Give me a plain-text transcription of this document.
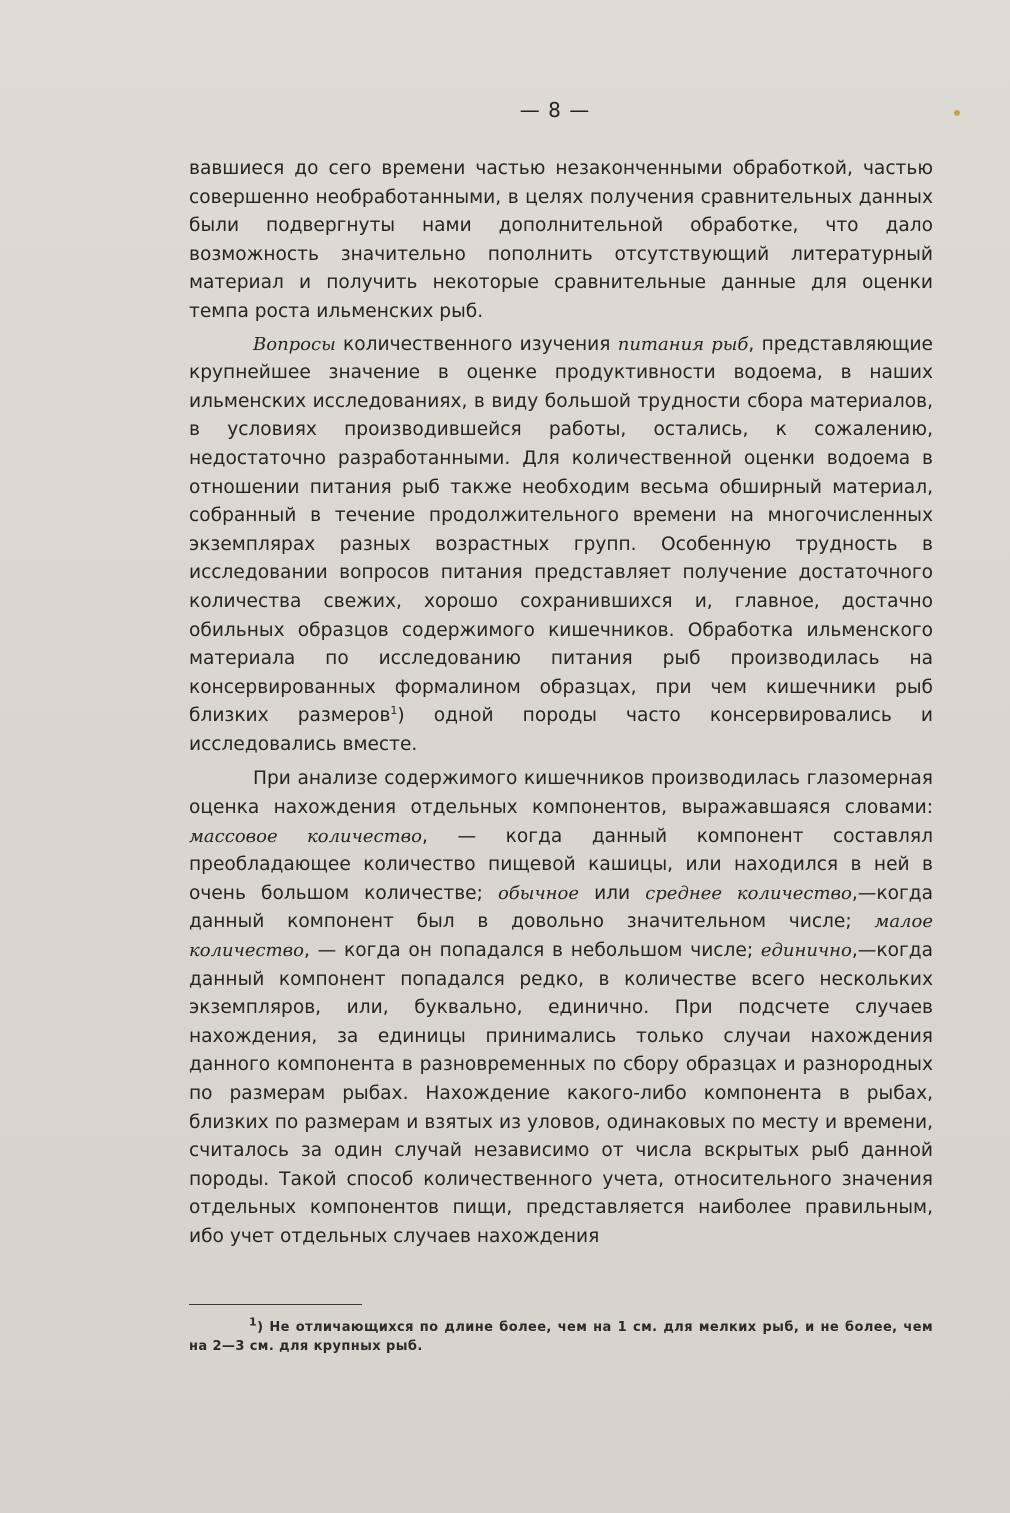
— 8 —

вавшиеся до сего времени частью незаконченными обработкой, частью совершенно необработанными, в целях получения сравнительных данных были подвергнуты нами дополнительной обработке, что дало возможность значительно пополнить отсутствующий литературный материал и получить некоторые сравнительные данные для оценки темпа роста ильменских рыб.

Вопросы количественного изучения питания рыб, представляющие крупнейшее значение в оценке продуктивности водоема, в наших ильменских исследованиях, в виду большой трудности сбора материалов, в условиях производившейся работы, остались, к сожалению, недостаточно разработанными. Для количественной оценки водоема в отношении питания рыб также необходим весьма обширный материал, собранный в течение продолжительного времени на многочисленных экземплярах разных возрастных групп. Особенную трудность в исследовании вопросов питания представляет получение достаточного количества свежих, хорошо сохранившихся и, главное, достачно обильных образцов содержимого кишечников. Обработка ильменского материала по исследованию питания рыб производилась на консервированных формалином образцах, при чем кишечники рыб близких размеров$^1$) одной породы часто консервировались и исследовались вместе.

При анализе содержимого кишечников производилась глазомерная оценка нахождения отдельных компонентов, выражавшаяся словами: массовое количество, — когда данный компонент составлял преобладающее количество пищевой кашицы, или находился в ней в очень большом количестве; обычное или среднее количество,—когда данный компонент был в довольно значительном числе; малое количество, — когда он попадался в небольшом числе; единично,—когда данный компонент попадался редко, в количестве всего нескольких экземпляров, или, буквально, единично. При подсчете случаев нахождения, за единицы принимались только случаи нахождения данного компонента в разновременных по сбору образцах и разнородных по размерам рыбах. Нахождение какого-либо компонента в рыбах, близких по размерам и взятых из уловов, одинаковых по месту и времени, считалось за один случай независимо от числа вскрытых рыб данной породы. Такой способ количественного учета, относительного значения отдельных компонентов пищи, представляется наиболее правильным, ибо учет отдельных случаев нахождения

$^1$) Не отличающихся по длине более, чем на 1 см. для мелких рыб, и не более, чем на 2—3 см. для крупных рыб.
